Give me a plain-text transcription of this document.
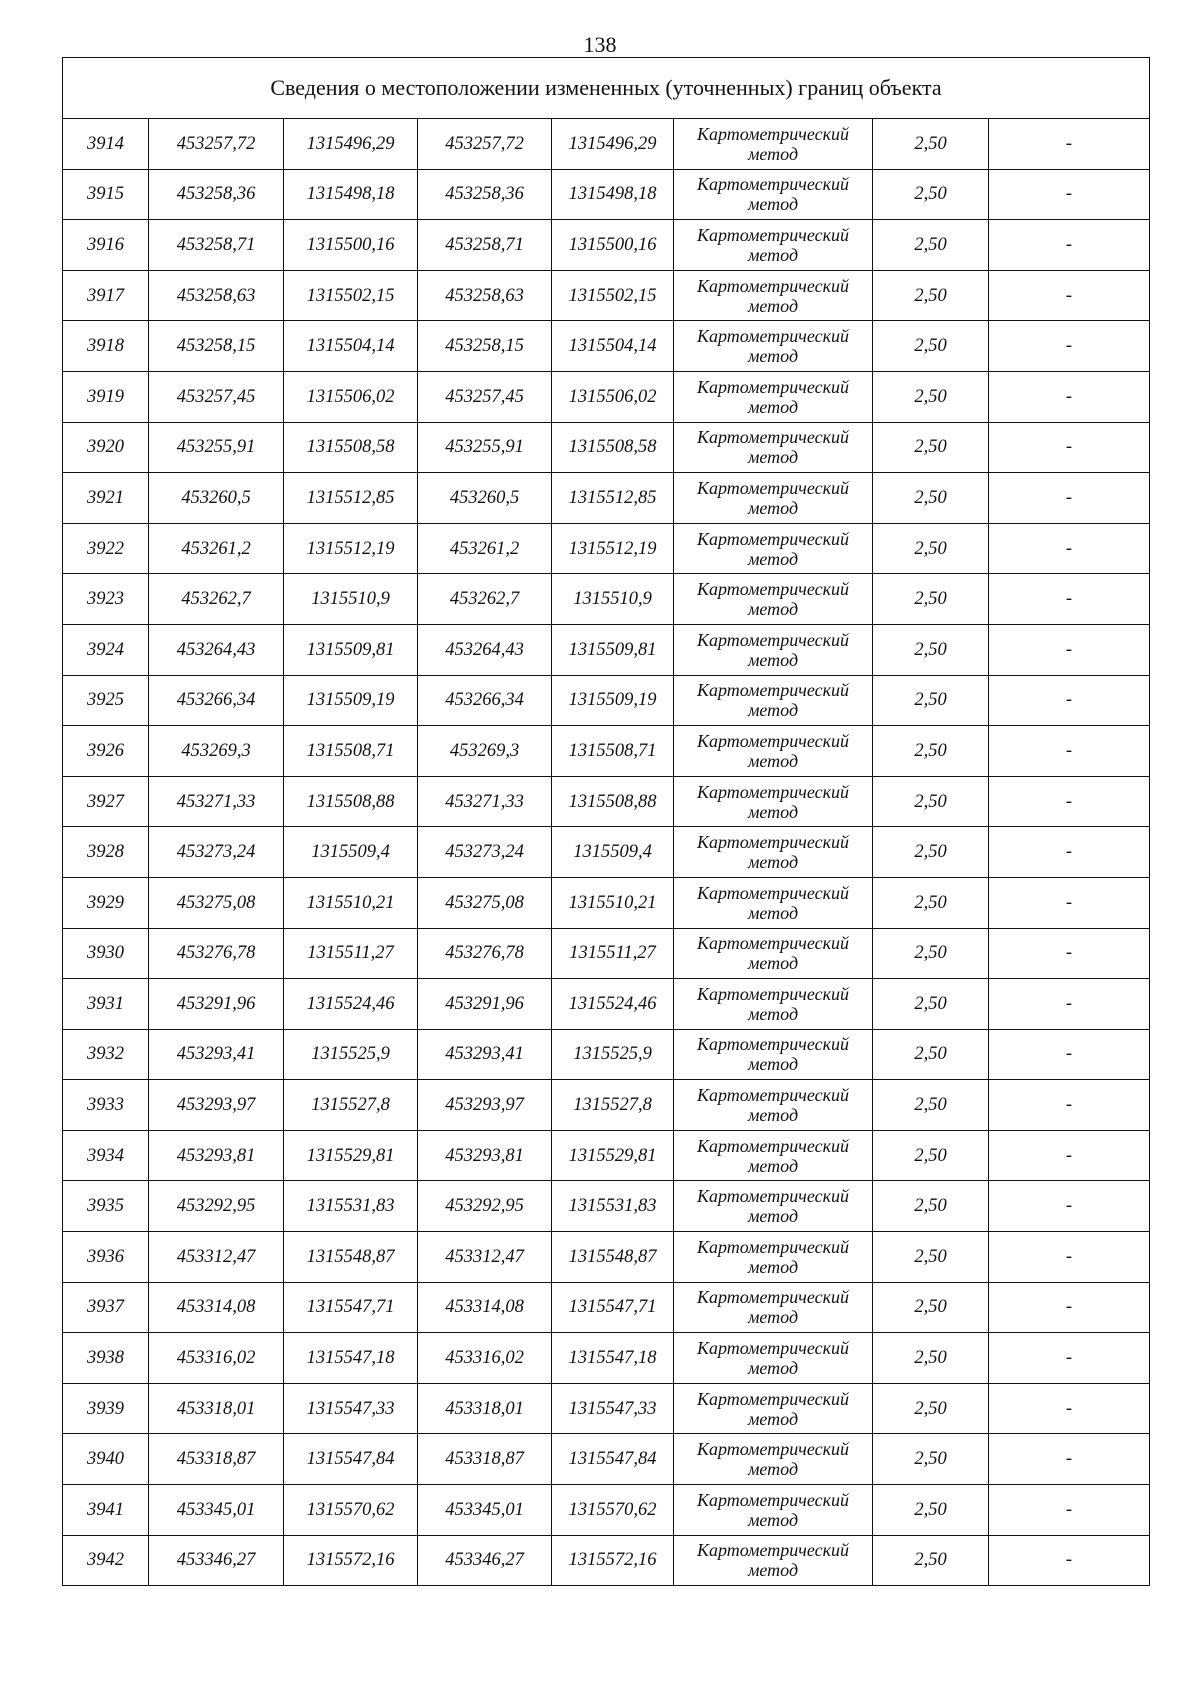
138
Сведения о местоположении измененных (уточненных) границ объекта							
3914	453257,72	1315496,29	453257,72	1315496,29	Картометрический
метод	2,50	-
3915	453258,36	1315498,18	453258,36	1315498,18	Картометрический
метод	2,50	-
3916	453258,71	1315500,16	453258,71	1315500,16	Картометрический
метод	2,50	-
3917	453258,63	1315502,15	453258,63	1315502,15	Картометрический
метод	2,50	-
3918	453258,15	1315504,14	453258,15	1315504,14	Картометрический
метод	2,50	-
3919	453257,45	1315506,02	453257,45	1315506,02	Картометрический
метод	2,50	-
3920	453255,91	1315508,58	453255,91	1315508,58	Картометрический
метод	2,50	-
3921	453260,5	1315512,85	453260,5	1315512,85	Картометрический
метод	2,50	-
3922	453261,2	1315512,19	453261,2	1315512,19	Картометрический
метод	2,50	-
3923	453262,7	1315510,9	453262,7	1315510,9	Картометрический
метод	2,50	-
3924	453264,43	1315509,81	453264,43	1315509,81	Картометрический
метод	2,50	-
3925	453266,34	1315509,19	453266,34	1315509,19	Картометрический
метод	2,50	-
3926	453269,3	1315508,71	453269,3	1315508,71	Картометрический
метод	2,50	-
3927	453271,33	1315508,88	453271,33	1315508,88	Картометрический
метод	2,50	-
3928	453273,24	1315509,4	453273,24	1315509,4	Картометрический
метод	2,50	-
3929	453275,08	1315510,21	453275,08	1315510,21	Картометрический
метод	2,50	-
3930	453276,78	1315511,27	453276,78	1315511,27	Картометрический
метод	2,50	-
3931	453291,96	1315524,46	453291,96	1315524,46	Картометрический
метод	2,50	-
3932	453293,41	1315525,9	453293,41	1315525,9	Картометрический
метод	2,50	-
3933	453293,97	1315527,8	453293,97	1315527,8	Картометрический
метод	2,50	-
3934	453293,81	1315529,81	453293,81	1315529,81	Картометрический
метод	2,50	-
3935	453292,95	1315531,83	453292,95	1315531,83	Картометрический
метод	2,50	-
3936	453312,47	1315548,87	453312,47	1315548,87	Картометрический
метод	2,50	-
3937	453314,08	1315547,71	453314,08	1315547,71	Картометрический
метод	2,50	-
3938	453316,02	1315547,18	453316,02	1315547,18	Картометрический
метод	2,50	-
3939	453318,01	1315547,33	453318,01	1315547,33	Картометрический
метод	2,50	-
3940	453318,87	1315547,84	453318,87	1315547,84	Картометрический
метод	2,50	-
3941	453345,01	1315570,62	453345,01	1315570,62	Картометрический
метод	2,50	-
3942	453346,27	1315572,16	453346,27	1315572,16	Картометрический
метод	2,50	-
